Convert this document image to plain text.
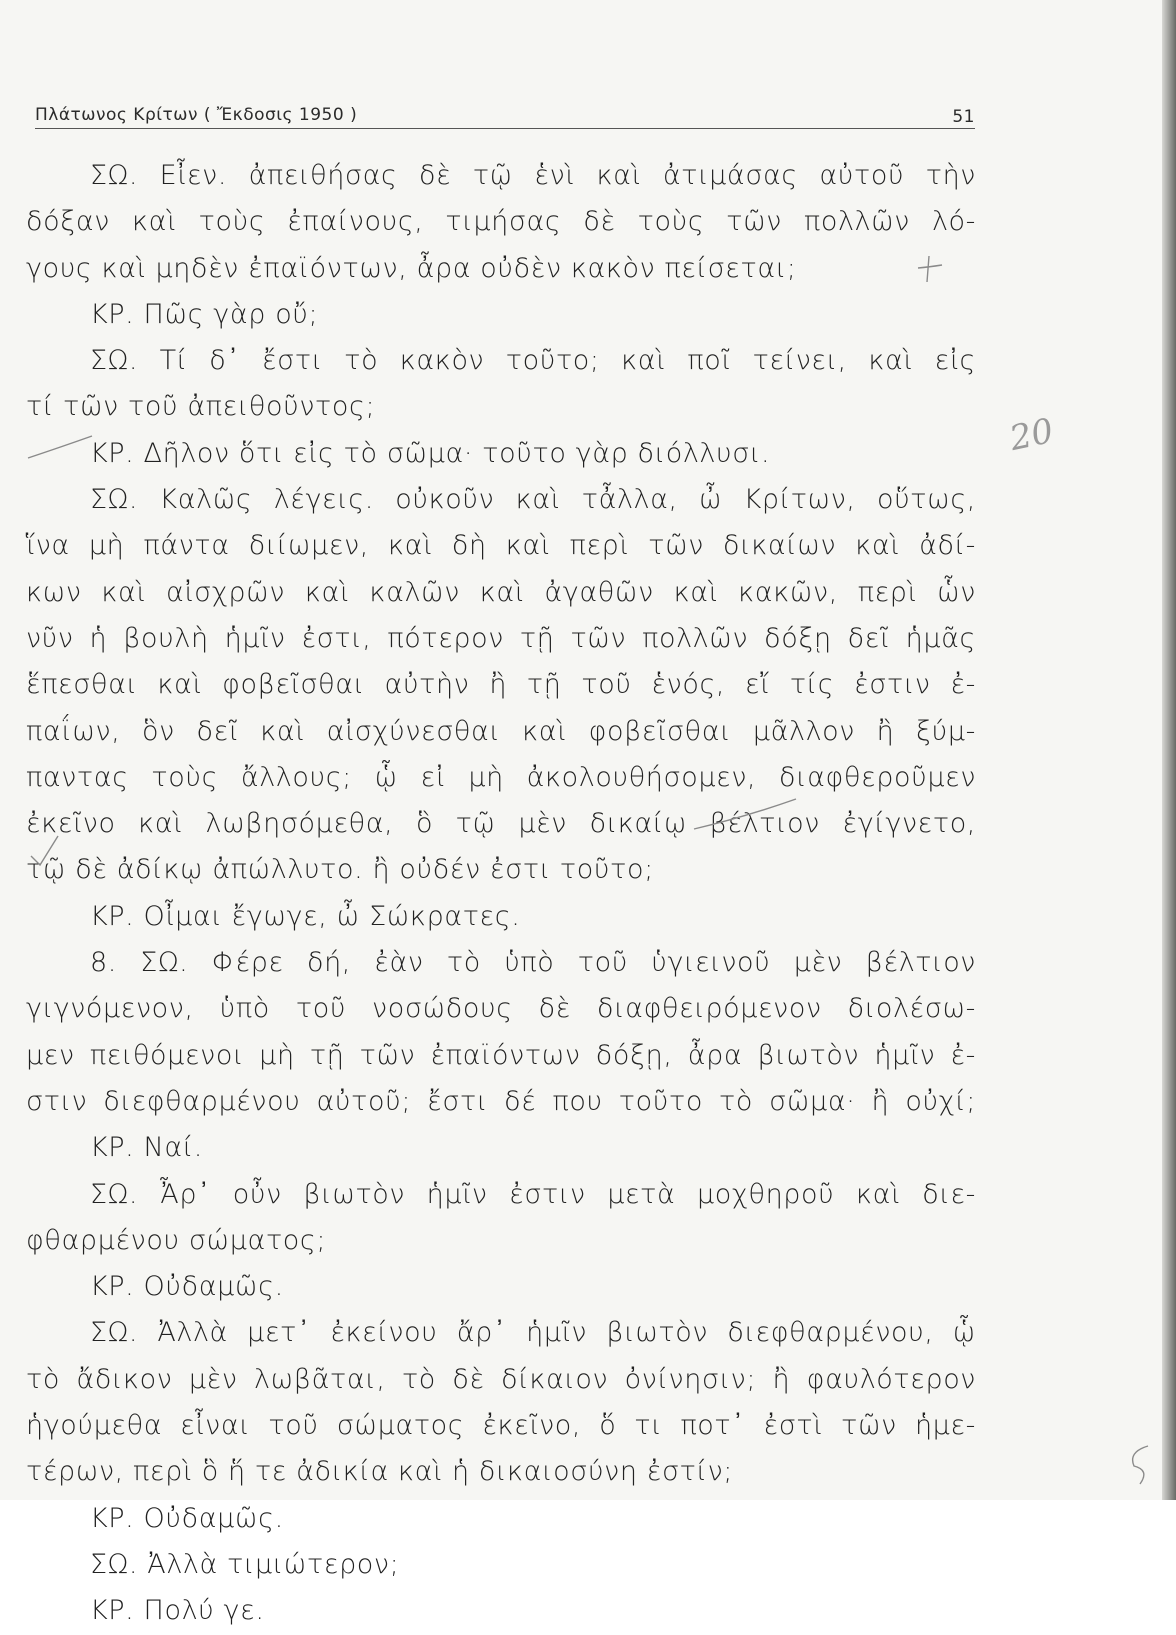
Πλάτωνος Κρίτων ( Ἔκδοσις 1950 )	51
ΣΩ. Εἶεν. ἀπειθήσας δὲ τῷ ἑνὶ καὶ ἀτιμάσας αὐτοῦ τὴν
δόξαν καὶ τοὺς ἐπαίνους, τιμήσας δὲ τοὺς τῶν πολλῶν λό-
γους καὶ μηδὲν ἐπαϊόντων, ἆρα οὐδὲν κακὸν πείσεται;
ΚΡ. Πῶς γὰρ οὔ;
ΣΩ. Τί δ᾽ ἔστι τὸ κακὸν τοῦτο; καὶ ποῖ τείνει, καὶ εἰς
τί τῶν τοῦ ἀπειθοῦντος;
ΚΡ. Δῆλον ὅτι εἰς τὸ σῶμα· τοῦτο γὰρ διόλλυσι.
ΣΩ. Καλῶς λέγεις. οὐκοῦν καὶ τἆλλα, ὦ Κρίτων, οὕτως,
ἵνα μὴ πάντα διίωμεν, καὶ δὴ καὶ περὶ τῶν δικαίων καὶ ἀδί-
κων καὶ αἰσχρῶν καὶ καλῶν καὶ ἀγαθῶν καὶ κακῶν, περὶ ὧν
νῦν ἡ βουλὴ ἡμῖν ἐστι, πότερον τῇ τῶν πολλῶν δόξῃ δεῖ ἡμᾶς
ἕπεσθαι καὶ φοβεῖσθαι αὐτὴν ἢ τῇ τοῦ ἑνός, εἴ τίς ἐστιν ἐ-
παΐων, ὃν δεῖ καὶ αἰσχύνεσθαι καὶ φοβεῖσθαι μᾶλλον ἢ ξύμ-
παντας τοὺς ἄλλους; ᾧ εἰ μὴ ἀκολουθήσομεν, διαφθεροῦμεν
ἐκεῖνο καὶ λωβησόμεθα, ὃ τῷ μὲν δικαίῳ βέλτιον ἐγίγνετο,
τῷ δὲ ἀδίκῳ ἀπώλλυτο. ἢ οὐδέν ἐστι τοῦτο;
ΚΡ. Οἶμαι ἔγωγε, ὦ Σώκρατες.
8. ΣΩ. Φέρε δή, ἐὰν τὸ ὑπὸ τοῦ ὑγιεινοῦ μὲν βέλτιον
γιγνόμενον, ὑπὸ τοῦ νοσώδους δὲ διαφθειρόμενον διολέσω-
μεν πειθόμενοι μὴ τῇ τῶν ἐπαϊόντων δόξῃ, ἆρα βιωτὸν ἡμῖν ἐ-
στιν διεφθαρμένου αὐτοῦ; ἔστι δέ που τοῦτο τὸ σῶμα· ἢ οὐχί;
ΚΡ. Ναί.
ΣΩ. Ἆρ᾽ οὖν βιωτὸν ἡμῖν ἐστιν μετὰ μοχθηροῦ καὶ διε-
φθαρμένου σώματος;
ΚΡ. Οὐδαμῶς.
ΣΩ. Ἀλλὰ μετ᾽ ἐκείνου ἄρ᾽ ἡμῖν βιωτὸν διεφθαρμένου, ᾧ
τὸ ἄδικον μὲν λωβᾶται, τὸ δὲ δίκαιον ὀνίνησιν; ἢ φαυλότερον
ἡγούμεθα εἶναι τοῦ σώματος ἐκεῖνο, ὅ τι ποτ᾽ ἐστὶ τῶν ἡμε-
τέρων, περὶ ὃ ἥ τε ἀδικία καὶ ἡ δικαιοσύνη ἐστίν;
ΚΡ. Οὐδαμῶς.
ΣΩ. Ἀλλὰ τιμιώτερον;
ΚΡ. Πολύ γε.
20
